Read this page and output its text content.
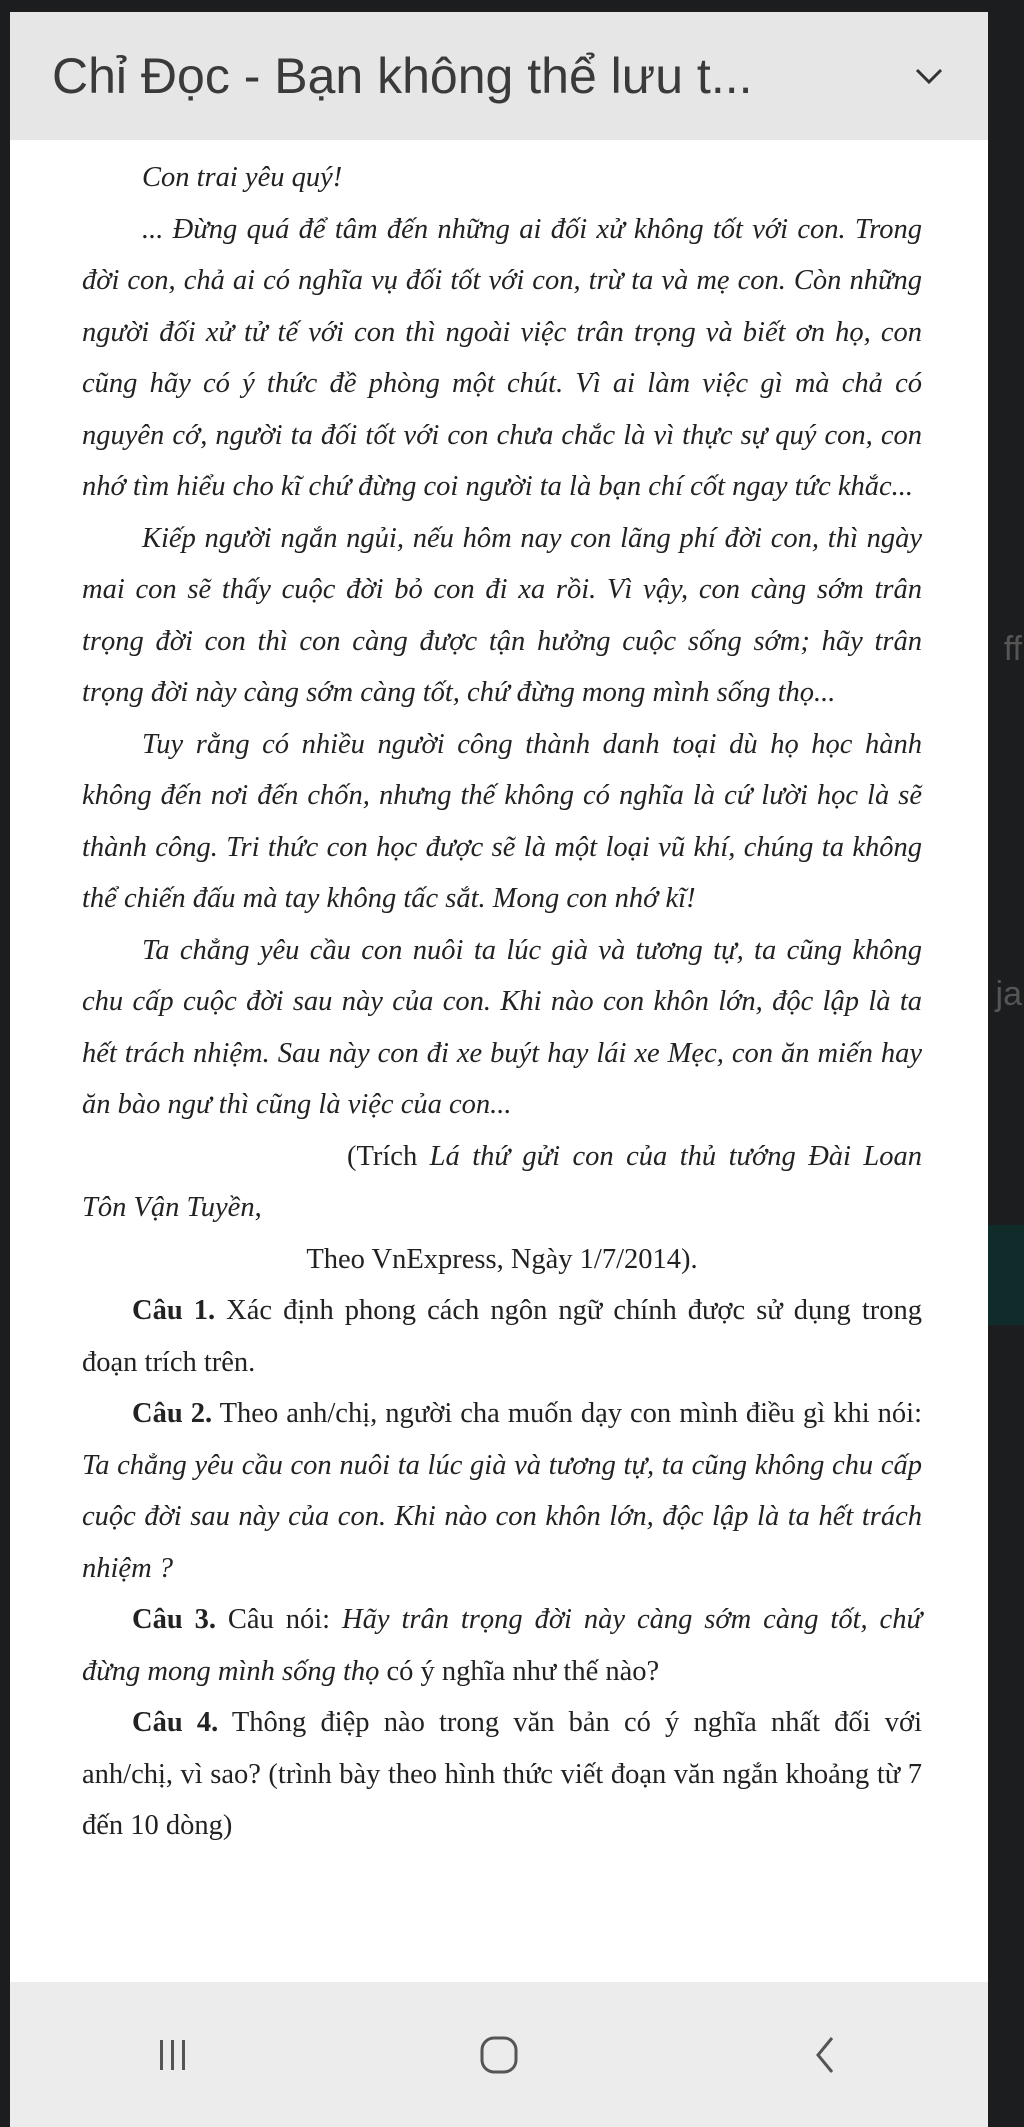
ff
ja
Chỉ Đọc - Bạn không thể lưu t...

Con trai yêu quý!

... Đừng quá để tâm đến những ai đối xử không tốt với con. Trong đời con, chả ai có nghĩa vụ đối tốt với con, trừ ta và mẹ con. Còn những người đối xử tử tế với con thì ngoài việc trân trọng và biết ơn họ, con cũng hãy có ý thức đề phòng một chút. Vì ai làm việc gì mà chả có nguyên cớ, người ta đối tốt với con chưa chắc là vì thực sự quý con, con nhớ tìm hiểu cho kĩ chứ đừng coi người ta là bạn chí cốt ngay tức khắc...

Kiếp người ngắn ngủi, nếu hôm nay con lãng phí đời con, thì ngày mai con sẽ thấy cuộc đời bỏ con đi xa rồi. Vì vậy, con càng sớm trân trọng đời con thì con càng được tận hưởng cuộc sống sớm; hãy trân trọng đời này càng sớm càng tốt, chứ đừng mong mình sống thọ...

Tuy rằng có nhiều người công thành danh toại dù họ học hành không đến nơi đến chốn, nhưng thế không có nghĩa là cứ lười học là sẽ thành công. Tri thức con học được sẽ là một loại vũ khí, chúng ta không thể chiến đấu mà tay không tấc sắt. Mong con nhớ kĩ!

Ta chẳng yêu cầu con nuôi ta lúc già và tương tự, ta cũng không chu cấp cuộc đời sau này của con. Khi nào con khôn lớn, độc lập là ta hết trách nhiệm. Sau này con đi xe buýt hay lái xe Mẹc, con ăn miến hay ăn bào ngư thì cũng là việc của con...

(Trích Lá thứ gửi con của thủ tướng Đài Loan Tôn Vận Tuyền,

Theo VnExpress, Ngày 1/7/2014).

Câu 1. Xác định phong cách ngôn ngữ chính được sử dụng trong đoạn trích trên.

Câu 2. Theo anh/chị, người cha muốn dạy con mình điều gì khi nói: Ta chẳng yêu cầu con nuôi ta lúc già và tương tự, ta cũng không chu cấp cuộc đời sau này của con. Khi nào con khôn lớn, độc lập là ta hết trách nhiệm ?

Câu 3. Câu nói: Hãy trân trọng đời này càng sớm càng tốt, chứ đừng mong mình sống thọ có ý nghĩa như thế nào?

Câu 4. Thông điệp nào trong văn bản có ý nghĩa nhất đối với anh/chị, vì sao? (trình bày theo hình thức viết đoạn văn ngắn khoảng từ 7 đến 10 dòng)
